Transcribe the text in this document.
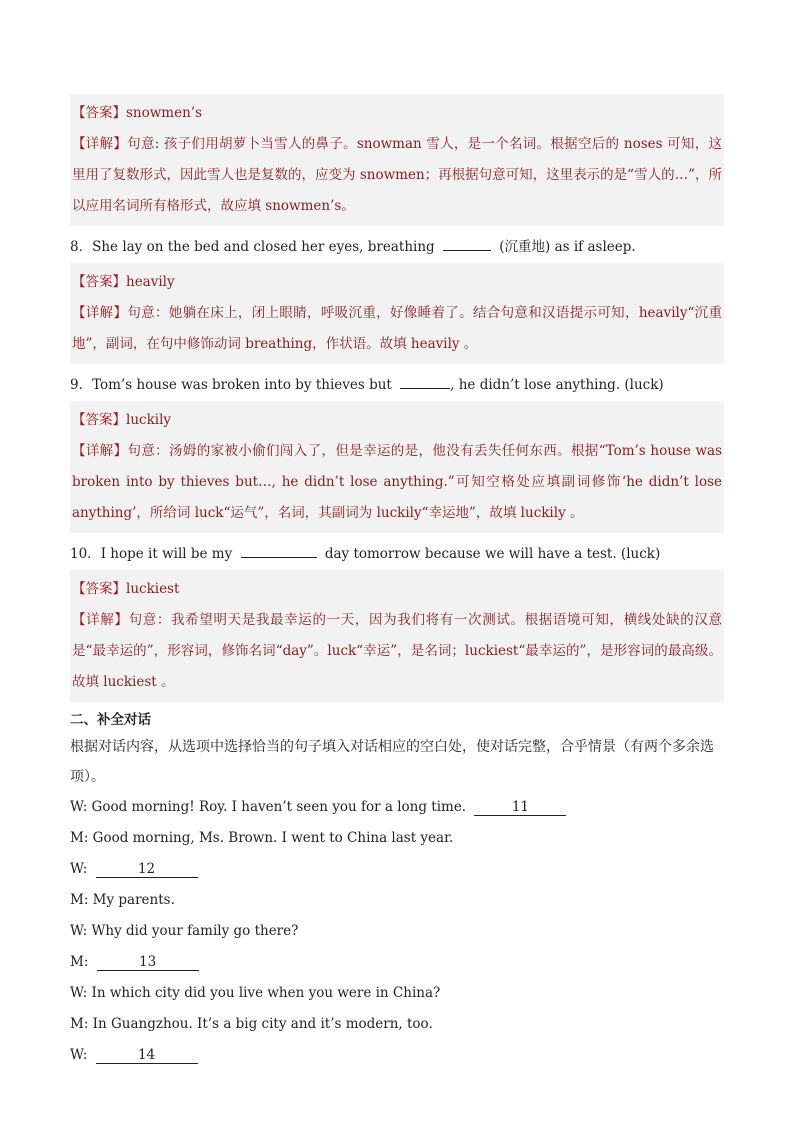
【答案】snowmen’s
【详解】句意: 孩子们用胡萝卜当雪人的鼻子。snowman 雪人，是一个名词。根据空后的 noses 可知，这里用了复数形式，因此雪人也是复数的，应变为 snowmen；再根据句意可知，这里表示的是“雪人的…”，所以应用名词所有格形式，故应填 snowmen’s。

8．She lay on the bed and closed her eyes, breathing	(沉重地) as if asleep.

【答案】heavily
【详解】句意：她躺在床上，闭上眼睛，呼吸沉重，好像睡着了。结合句意和汉语提示可知，heavily“沉重地”，副词，在句中修饰动词 breathing，作状语。故填 heavily 。

9．Tom’s house was broken into by thieves but	, he didn’t lose anything. (luck)

【答案】luckily
【详解】句意：汤姆的家被小偷们闯入了，但是幸运的是，他没有丢失任何东西。根据“Tom’s house was broken into by thieves but…, he didn’t lose anything.”可知空格处应填副词修饰‘he didn’t lose anything’，所给词 luck“运气”，名词，其副词为 luckily“幸运地”，故填 luckily 。

10．I hope it will be my	day tomorrow because we will have a test. (luck)

【答案】luckiest
【详解】句意：我希望明天是我最幸运的一天，因为我们将有一次测试。根据语境可知，横线处缺的汉意是“最幸运的”，形容词，修饰名词“day”。luck“幸运”，是名词；luckiest“最幸运的”，是形容词的最高级。故填 luckiest 。
二、补全对话
根据对话内容，从选项中选择恰当的句子填入对话相应的空白处，使对话完整，合乎情景（有两个多余选项）。
W: Good morning! Roy. I haven’t seen you for a long time.	11
M: Good morning, Ms. Brown. I went to China last year.
W:	12
M: My parents.
W: Why did your family go there?
M:	13
W: In which city did you live when you were in China?
M: In Guangzhou. It’s a big city and it’s modern, too.
W:	14
